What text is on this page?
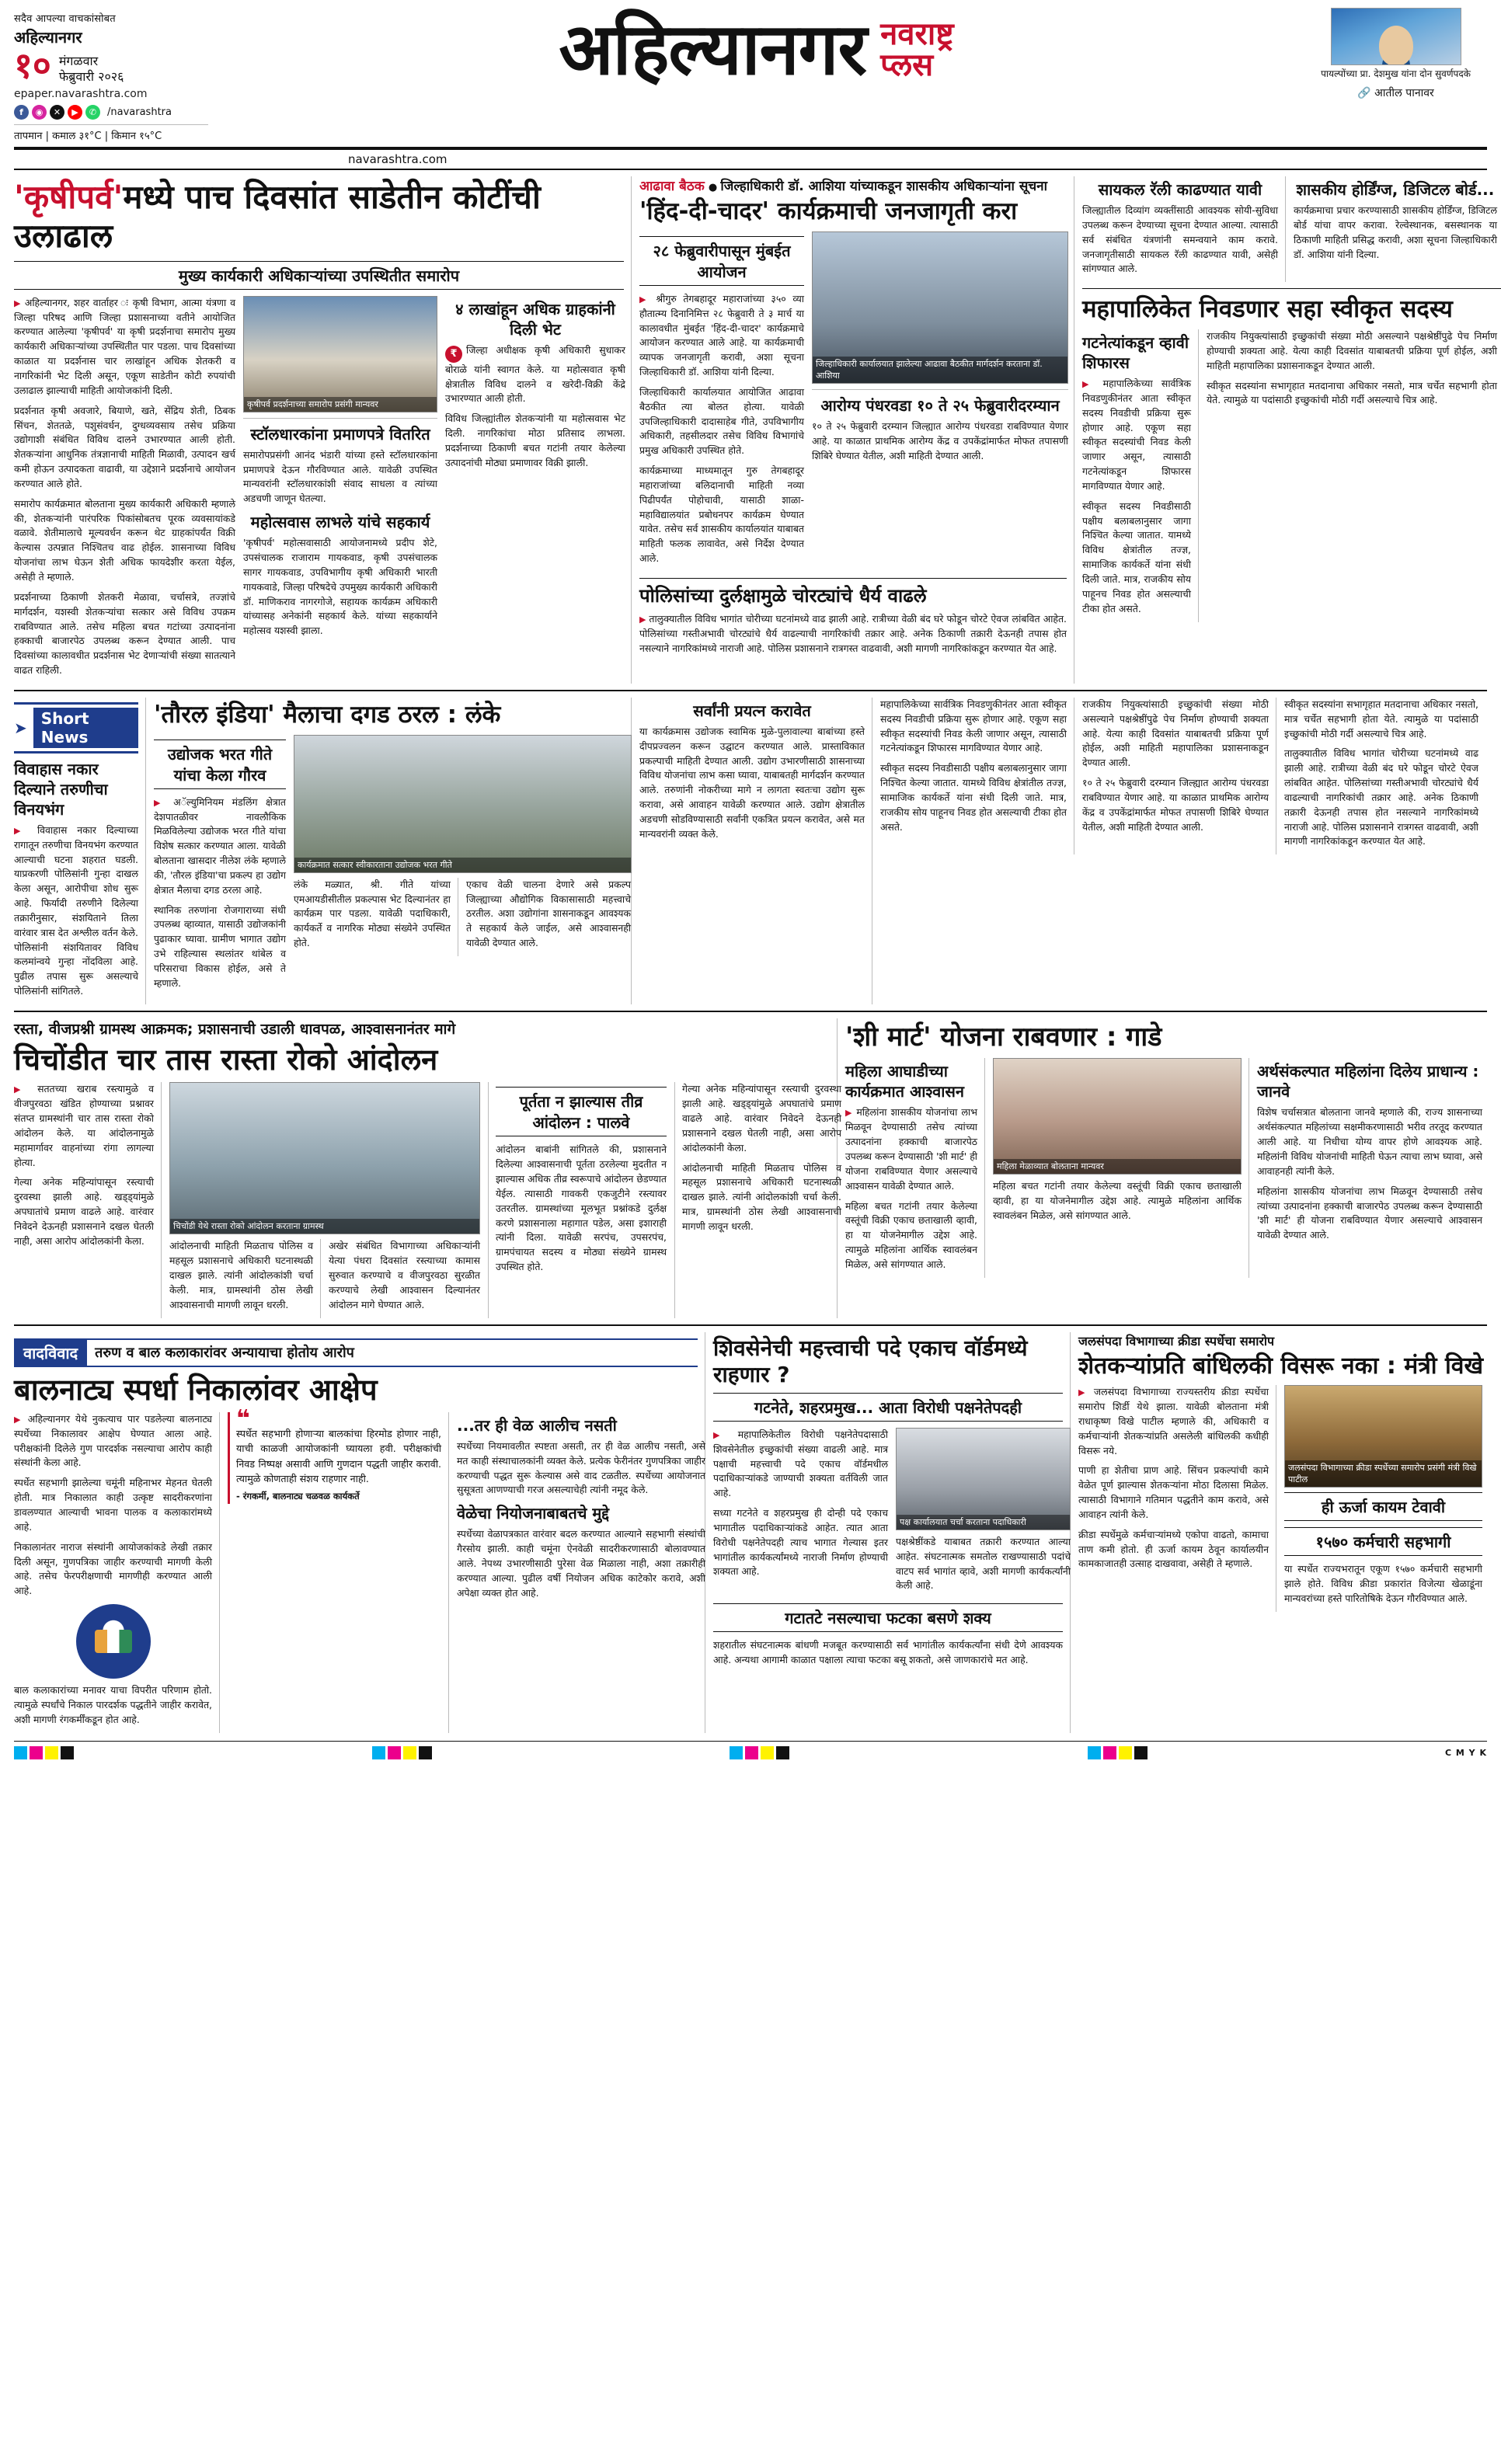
सदैव आपल्या वाचकांसोबत
अहिल्यानगर
१० मंगळवार
फेब्रुवारी २०२६
epaper.navarashtra.com
f	◉	✕	▶	✆	/navarashtra
तापमान | कमाल ३१°C | किमान १५°C
अहिल्यानगर नवराष्ट्र
प्लस	पायल्पोंच्या प्रा. देशमुख यांना दोन सुवर्णपदके
🔗 आतील पानावर
navarashtra.com
'कृषीपर्व'मध्ये पाच दिवसांत साडेतीन कोटींची उलाढाल
मुख्य कार्यकारी अधिकाऱ्यांच्या उपस्थितीत समारोप

▶ अहिल्यानगर, शहर वार्ताहर ः कृषी विभाग, आत्मा यंत्रणा व जिल्हा परिषद आणि जिल्हा प्रशासनाच्या वतीने आयोजित करण्यात आलेल्या 'कृषीपर्व' या कृषी प्रदर्शनाचा समारोप मुख्य कार्यकारी अधिकाऱ्यांच्या उपस्थितीत पार पडला. पाच दिवसांच्या काळात या प्रदर्शनास चार लाखांहून अधिक शेतकरी व नागरिकांनी भेट दिली असून, एकूण साडेतीन कोटी रुपयांची उलाढाल झाल्याची माहिती आयोजकांनी दिली.

प्रदर्शनात कृषी अवजारे, बियाणे, खते, सेंद्रिय शेती, ठिबक सिंचन, शेततळे, पशुसंवर्धन, दुग्धव्यवसाय तसेच प्रक्रिया उद्योगाशी संबंधित विविध दालने उभारण्यात आली होती. शेतकऱ्यांना आधुनिक तंत्रज्ञानाची माहिती मिळावी, उत्पादन खर्च कमी होऊन उत्पादकता वाढावी, या उद्देशाने प्रदर्शनाचे आयोजन करण्यात आले होते.

समारोप कार्यक्रमात बोलताना मुख्य कार्यकारी अधिकारी म्हणाले की, शेतकऱ्यांनी पारंपरिक पिकांसोबतच पूरक व्यवसायांकडे वळावे. शेतीमालाचे मूल्यवर्धन करून थेट ग्राहकांपर्यंत विक्री केल्यास उत्पन्नात निश्चितच वाढ होईल. शासनाच्या विविध योजनांचा लाभ घेऊन शेती अधिक फायदेशीर करता येईल, असेही ते म्हणाले.

प्रदर्शनाच्या ठिकाणी शेतकरी मेळावा, चर्चासत्रे, तज्ज्ञांचे मार्गदर्शन, यशस्वी शेतकऱ्यांचा सत्कार असे विविध उपक्रम राबविण्यात आले. तसेच महिला बचत गटांच्या उत्पादनांना हक्काची बाजारपेठ उपलब्ध करून देण्यात आली. पाच दिवसांच्या कालावधीत प्रदर्शनास भेट देणाऱ्यांची संख्या सातत्याने वाढत राहिली.

कृषीपर्व प्रदर्शनाच्या समारोप प्रसंगी मान्यवर
स्टॉलधारकांना प्रमाणपत्रे वितरित

समारोपप्रसंगी आनंद भंडारी यांच्या हस्ते स्टॉलधारकांना प्रमाणपत्रे देऊन गौरविण्यात आले. यावेळी उपस्थित मान्यवरांनी स्टॉलधारकांशी संवाद साधला व त्यांच्या अडचणी जाणून घेतल्या.

महोत्सवास लाभले यांचे सहकार्य

'कृषीपर्व' महोत्सवासाठी आयोजनामध्ये प्रदीप शेटे, उपसंचालक राजाराम गायकवाड, कृषी उपसंचालक सागर गायकवाड, उपविभागीय कृषी अधिकारी भारती गायकवाडे, जिल्हा परिषदेचे उपमुख्य कार्यकारी अधिकारी डॉ. माणिकराव नागरगोजे, सहायक कार्यक्रम अधिकारी यांच्यासह अनेकांनी सहकार्य केले. यांच्या सहकार्याने महोत्सव यशस्वी झाला.

४ लाखांहून अधिक ग्राहकांनी दिली भेट

₹ जिल्हा अधीक्षक कृषी अधिकारी सुधाकर बोराळे यांनी स्वागत केले. या महोत्सवात कृषी क्षेत्रातील विविध दालने व खरेदी-विक्री केंद्रे उभारण्यात आली होती.

विविध जिल्ह्यांतील शेतकऱ्यांनी या महोत्सवास भेट दिली. नागरिकांचा मोठा प्रतिसाद लाभला. प्रदर्शनाच्या ठिकाणी बचत गटांनी तयार केलेल्या उत्पादनांची मोठ्या प्रमाणावर विक्री झाली.

आढावा बैठक ● जिल्हाधिकारी डॉ. आशिया यांच्याकडून शासकीय अधिकाऱ्यांना सूचना
'हिंद-दी-चादर' कार्यक्रमाची जनजागृती करा
२८ फेब्रुवारीपासून मुंबईत आयोजन

▶ श्रीगुरु तेगबहादूर महाराजांच्या ३५० व्या हौतात्म्य दिनानिमित्त २८ फेब्रुवारी ते ३ मार्च या कालावधीत मुंबईत 'हिंद-दी-चादर' कार्यक्रमाचे आयोजन करण्यात आले आहे. या कार्यक्रमाची व्यापक जनजागृती करावी, अशा सूचना जिल्हाधिकारी डॉ. आशिया यांनी दिल्या.

जिल्हाधिकारी कार्यालयात आयोजित आढावा बैठकीत त्या बोलत होत्या. यावेळी उपजिल्हाधिकारी दादासाहेब गीते, उपविभागीय अधिकारी, तहसीलदार तसेच विविध विभागांचे प्रमुख अधिकारी उपस्थित होते.

कार्यक्रमाच्या माध्यमातून गुरु तेगबहादूर महाराजांच्या बलिदानाची माहिती नव्या पिढीपर्यंत पोहोचावी, यासाठी शाळा-महाविद्यालयांत प्रबोधनपर कार्यक्रम घेण्यात यावेत. तसेच सर्व शासकीय कार्यालयांत याबाबत माहिती फलक लावावेत, असे निर्देश देण्यात आले.

जिल्हाधिकारी कार्यालयात झालेल्या आढावा बैठकीत मार्गदर्शन करताना डॉ. आशिया
आरोग्य पंधरवडा १० ते २५ फेब्रुवारीदरम्यान

१० ते २५ फेब्रुवारी दरम्यान जिल्ह्यात आरोग्य पंधरवडा राबविण्यात येणार आहे. या काळात प्राथमिक आरोग्य केंद्र व उपकेंद्रांमार्फत मोफत तपासणी शिबिरे घेण्यात येतील, अशी माहिती देण्यात आली.

पोलिसांच्या दुर्लक्षामुळे चोरट्यांचे धैर्य वाढले

▶ तालुक्यातील विविध भागांत चोरीच्या घटनांमध्ये वाढ झाली आहे. रात्रीच्या वेळी बंद घरे फोडून चोरटे ऐवज लांबवित आहेत. पोलिसांच्या गस्तीअभावी चोरट्यांचे धैर्य वाढल्याची नागरिकांची तक्रार आहे. अनेक ठिकाणी तक्रारी देऊनही तपास होत नसल्याने नागरिकांमध्ये नाराजी आहे. पोलिस प्रशासनाने रात्रगस्त वाढवावी, अशी मागणी नागरिकांकडून करण्यात येत आहे.

सायकल रॅली काढण्यात यावी

जिल्ह्यातील दिव्यांग व्यक्तींसाठी आवश्यक सोयी-सुविधा उपलब्ध करून देण्याच्या सूचना देण्यात आल्या. त्यासाठी सर्व संबंधित यंत्रणांनी समन्वयाने काम करावे. जनजागृतीसाठी सायकल रॅली काढण्यात यावी, असेही सांगण्यात आले.

शासकीय होर्डिंग्ज, डिजिटल बोर्ड...

कार्यक्रमाचा प्रचार करण्यासाठी शासकीय होर्डिंग्ज, डिजिटल बोर्ड यांचा वापर करावा. रेल्वेस्थानक, बसस्थानक या ठिकाणी माहिती प्रसिद्ध करावी, अशा सूचना जिल्हाधिकारी डॉ. आशिया यांनी दिल्या.

महापालिकेत निवडणार सहा स्वीकृत सदस्य
गटनेत्यांकडून व्हावी शिफारस

▶ महापालिकेच्या सार्वत्रिक निवडणुकीनंतर आता स्वीकृत सदस्य निवडीची प्रक्रिया सुरू होणार आहे. एकूण सहा स्वीकृत सदस्यांची निवड केली जाणार असून, त्यासाठी गटनेत्यांकडून शिफारस मागविण्यात येणार आहे.

स्वीकृत सदस्य निवडीसाठी पक्षीय बलाबलानुसार जागा निश्चित केल्या जातात. यामध्ये विविध क्षेत्रांतील तज्ज्ञ, सामाजिक कार्यकर्ते यांना संधी दिली जाते. मात्र, राजकीय सोय पाहूनच निवड होत असल्याची टीका होत असते.

राजकीय नियुक्त्यांसाठी इच्छुकांची संख्या मोठी असल्याने पक्षश्रेष्ठींपुढे पेच निर्माण होण्याची शक्यता आहे. येत्या काही दिवसांत याबाबतची प्रक्रिया पूर्ण होईल, अशी माहिती महापालिका प्रशासनाकडून देण्यात आली.

स्वीकृत सदस्यांना सभागृहात मतदानाचा अधिकार नसतो, मात्र चर्चेत सहभागी होता येते. त्यामुळे या पदांसाठी इच्छुकांची मोठी गर्दी असल्याचे चित्र आहे.

➤ Short News
विवाहास नकार दिल्याने तरुणीचा विनयभंग

▶ विवाहास नकार दिल्याच्या रागातून तरुणीचा विनयभंग करण्यात आल्याची घटना शहरात घडली. याप्रकरणी पोलिसांनी गुन्हा दाखल केला असून, आरोपीचा शोध सुरू आहे. फिर्यादी तरुणीने दिलेल्या तक्रारीनुसार, संशयिताने तिला वारंवार त्रास देत अश्लील वर्तन केले. पोलिसांनी संशयितावर विविध कलमांन्वये गुन्हा नोंदविला आहे. पुढील तपास सुरू असल्याचे पोलिसांनी सांगितले.

'तौरल इंडिया' मैलाचा दगड ठरल : लंके
उद्योजक भरत गीते यांचा केला गौरव

▶ अॅल्युमिनियम मंडलिंग क्षेत्रात देशपातळीवर नावलौकिक मिळविलेल्या उद्योजक भरत गीते यांचा विशेष सत्कार करण्यात आला. यावेळी बोलताना खासदार नीलेश लंके म्हणाले की, 'तौरल इंडिया'चा प्रकल्प हा उद्योग क्षेत्रात मैलाचा दगड ठरला आहे.

स्थानिक तरुणांना रोजगाराच्या संधी उपलब्ध व्हाव्यात, यासाठी उद्योजकांनी पुढाकार घ्यावा. ग्रामीण भागात उद्योग उभे राहिल्यास स्थलांतर थांबेल व परिसराचा विकास होईल, असे ते म्हणाले.

कार्यक्रमात सत्कार स्वीकारताना उद्योजक भरत गीते

लंके मळ्यात, श्री. गीते यांच्या एमआयडीसीतील प्रकल्पास भेट दिल्यानंतर हा कार्यक्रम पार पडला. यावेळी पदाधिकारी, कार्यकर्ते व नागरिक मोठ्या संख्येने उपस्थित होते.

एकाच वेळी चालना देणारे असे प्रकल्प जिल्ह्याच्या औद्योगिक विकासासाठी महत्त्वाचे ठरतील. अशा उद्योगांना शासनाकडून आवश्यक ते सहकार्य केले जाईल, असे आश्वासनही यावेळी देण्यात आले.

सर्वांनी प्रयत्न करावेत

या कार्यक्रमास उद्योजक स्वामिक मुळे-पुलावाल्या बाबांच्या हस्ते दीपप्रज्वलन करून उद्घाटन करण्यात आले. प्रास्ताविकात प्रकल्पाची माहिती देण्यात आली. उद्योग उभारणीसाठी शासनाच्या विविध योजनांचा लाभ कसा घ्यावा, याबाबतही मार्गदर्शन करण्यात आले. तरुणांनी नोकरीच्या मागे न लागता स्वतःचा उद्योग सुरू करावा, असे आवाहन यावेळी करण्यात आले. उद्योग क्षेत्रातील अडचणी सोडविण्यासाठी सर्वांनी एकत्रित प्रयत्न करावेत, असे मत मान्यवरांनी व्यक्त केले.

महापालिकेच्या सार्वत्रिक निवडणुकीनंतर आता स्वीकृत सदस्य निवडीची प्रक्रिया सुरू होणार आहे. एकूण सहा स्वीकृत सदस्यांची निवड केली जाणार असून, त्यासाठी गटनेत्यांकडून शिफारस मागविण्यात येणार आहे.

स्वीकृत सदस्य निवडीसाठी पक्षीय बलाबलानुसार जागा निश्चित केल्या जातात. यामध्ये विविध क्षेत्रांतील तज्ज्ञ, सामाजिक कार्यकर्ते यांना संधी दिली जाते. मात्र, राजकीय सोय पाहूनच निवड होत असल्याची टीका होत असते.

राजकीय नियुक्त्यांसाठी इच्छुकांची संख्या मोठी असल्याने पक्षश्रेष्ठींपुढे पेच निर्माण होण्याची शक्यता आहे. येत्या काही दिवसांत याबाबतची प्रक्रिया पूर्ण होईल, अशी माहिती महापालिका प्रशासनाकडून देण्यात आली.

१० ते २५ फेब्रुवारी दरम्यान जिल्ह्यात आरोग्य पंधरवडा राबविण्यात येणार आहे. या काळात प्राथमिक आरोग्य केंद्र व उपकेंद्रांमार्फत मोफत तपासणी शिबिरे घेण्यात येतील, अशी माहिती देण्यात आली.

स्वीकृत सदस्यांना सभागृहात मतदानाचा अधिकार नसतो, मात्र चर्चेत सहभागी होता येते. त्यामुळे या पदांसाठी इच्छुकांची मोठी गर्दी असल्याचे चित्र आहे.

तालुक्यातील विविध भागांत चोरीच्या घटनांमध्ये वाढ झाली आहे. रात्रीच्या वेळी बंद घरे फोडून चोरटे ऐवज लांबवित आहेत. पोलिसांच्या गस्तीअभावी चोरट्यांचे धैर्य वाढल्याची नागरिकांची तक्रार आहे. अनेक ठिकाणी तक्रारी देऊनही तपास होत नसल्याने नागरिकांमध्ये नाराजी आहे. पोलिस प्रशासनाने रात्रगस्त वाढवावी, अशी मागणी नागरिकांकडून करण्यात येत आहे.

रस्ता, वीजप्रश्नी ग्रामस्थ आक्रमक; प्रशासनाची उडाली धावपळ, आश्वासनानंतर मागे
चिचोंडीत चार तास रास्ता रोको आंदोलन

▶ सततच्या खराब रस्त्यामुळे व वीजपुरवठा खंडित होण्याच्या प्रश्नावर संतप्त ग्रामस्थांनी चार तास रास्ता रोको आंदोलन केले. या आंदोलनामुळे महामार्गावर वाहनांच्या रांगा लागल्या होत्या.

गेल्या अनेक महिन्यांपासून रस्त्याची दुरवस्था झाली आहे. खड्ड्यांमुळे अपघातांचे प्रमाण वाढले आहे. वारंवार निवेदने देऊनही प्रशासनाने दखल घेतली नाही, असा आरोप आंदोलकांनी केला.

चिचोंडी येथे रास्ता रोको आंदोलन करताना ग्रामस्थ

आंदोलनाची माहिती मिळताच पोलिस व महसूल प्रशासनाचे अधिकारी घटनास्थळी दाखल झाले. त्यांनी आंदोलकांशी चर्चा केली. मात्र, ग्रामस्थांनी ठोस लेखी आश्वासनाची मागणी लावून धरली.

अखेर संबंधित विभागाच्या अधिकाऱ्यांनी येत्या पंधरा दिवसांत रस्त्याच्या कामास सुरुवात करण्याचे व वीजपुरवठा सुरळीत करण्याचे लेखी आश्वासन दिल्यानंतर आंदोलन मागे घेण्यात आले.

पूर्तता न झाल्यास तीव्र आंदोलन : पालवे

आंदोलन बाबांनी सांगितले की, प्रशासनाने दिलेल्या आश्वासनाची पूर्तता ठरलेल्या मुदतीत न झाल्यास अधिक तीव्र स्वरूपाचे आंदोलन छेडण्यात येईल. त्यासाठी गावकरी एकजुटीने रस्त्यावर उतरतील. ग्रामस्थांच्या मूलभूत प्रश्नांकडे दुर्लक्ष करणे प्रशासनाला महागात पडेल, असा इशाराही त्यांनी दिला. यावेळी सरपंच, उपसरपंच, ग्रामपंचायत सदस्य व मोठ्या संख्येने ग्रामस्थ उपस्थित होते.

गेल्या अनेक महिन्यांपासून रस्त्याची दुरवस्था झाली आहे. खड्ड्यांमुळे अपघातांचे प्रमाण वाढले आहे. वारंवार निवेदने देऊनही प्रशासनाने दखल घेतली नाही, असा आरोप आंदोलकांनी केला.

आंदोलनाची माहिती मिळताच पोलिस व महसूल प्रशासनाचे अधिकारी घटनास्थळी दाखल झाले. त्यांनी आंदोलकांशी चर्चा केली. मात्र, ग्रामस्थांनी ठोस लेखी आश्वासनाची मागणी लावून धरली.

'शी मार्ट' योजना राबवणार : गाडे
महिला आघाडीच्या कार्यक्रमात आश्वासन

▶ महिलांना शासकीय योजनांचा लाभ मिळवून देण्यासाठी तसेच त्यांच्या उत्पादनांना हक्काची बाजारपेठ उपलब्ध करून देण्यासाठी 'शी मार्ट' ही योजना राबविण्यात येणार असल्याचे आश्वासन यावेळी देण्यात आले.

महिला बचत गटांनी तयार केलेल्या वस्तूंची विक्री एकाच छताखाली व्हावी, हा या योजनेमागील उद्देश आहे. त्यामुळे महिलांना आर्थिक स्वावलंबन मिळेल, असे सांगण्यात आले.

महिला मेळाव्यात बोलताना मान्यवर

महिला बचत गटांनी तयार केलेल्या वस्तूंची विक्री एकाच छताखाली व्हावी, हा या योजनेमागील उद्देश आहे. त्यामुळे महिलांना आर्थिक स्वावलंबन मिळेल, असे सांगण्यात आले.

अर्थसंकल्पात महिलांना दिलेय प्राधान्य : जानवे

विशेष चर्चासत्रात बोलताना जानवे म्हणाले की, राज्य शासनाच्या अर्थसंकल्पात महिलांच्या सक्षमीकरणासाठी भरीव तरतूद करण्यात आली आहे. या निधीचा योग्य वापर होणे आवश्यक आहे. महिलांनी विविध योजनांची माहिती घेऊन त्याचा लाभ घ्यावा, असे आवाहनही त्यांनी केले.

महिलांना शासकीय योजनांचा लाभ मिळवून देण्यासाठी तसेच त्यांच्या उत्पादनांना हक्काची बाजारपेठ उपलब्ध करून देण्यासाठी 'शी मार्ट' ही योजना राबविण्यात येणार असल्याचे आश्वासन यावेळी देण्यात आले.

वादविवाद	तरुण व बाल कलाकारांवर अन्यायाचा होतोय आरोप
बालनाट्य स्पर्धा निकालांवर आक्षेप

▶ अहिल्यानगर येथे नुकत्याच पार पडलेल्या बालनाट्य स्पर्धेच्या निकालावर आक्षेप घेण्यात आला आहे. परीक्षकांनी दिलेले गुण पारदर्शक नसल्याचा आरोप काही संस्थांनी केला आहे.

स्पर्धेत सहभागी झालेल्या चमूंनी महिनाभर मेहनत घेतली होती. मात्र निकालात काही उत्कृष्ट सादरीकरणांना डावलण्यात आल्याची भावना पालक व कलाकारांमध्ये आहे.

निकालानंतर नाराज संस्थांनी आयोजकांकडे लेखी तक्रार दिली असून, गुणपत्रिका जाहीर करण्याची मागणी केली आहे. तसेच फेरपरीक्षणाची मागणीही करण्यात आली आहे.

बाल कलाकारांच्या मनावर याचा विपरीत परिणाम होतो. त्यामुळे स्पर्धांचे निकाल पारदर्शक पद्धतीने जाहीर करावेत, अशी मागणी रंगकर्मींकडून होत आहे.

❝
स्पर्धेत सहभागी होणाऱ्या बालकांचा हिरमोड होणार नाही, याची काळजी आयोजकांनी घ्यायला हवी. परीक्षकांची निवड निष्पक्ष असावी आणि गुणदान पद्धती जाहीर करावी. त्यामुळे कोणताही संशय राहणार नाही.
- रंगकर्मी, बालनाट्य चळवळ कार्यकर्ते
...तर ही वेळ आलीच नसती

स्पर्धेच्या नियमावलीत स्पष्टता असती, तर ही वेळ आलीच नसती, असे मत काही संस्थाचालकांनी व्यक्त केले. प्रत्येक फेरीनंतर गुणपत्रिका जाहीर करण्याची पद्धत सुरू केल्यास असे वाद टळतील. स्पर्धेच्या आयोजनात सुसूत्रता आणण्याची गरज असल्याचेही त्यांनी नमूद केले.

वेळेचा नियोजनाबाबतचे मुद्दे

स्पर्धेच्या वेळापत्रकात वारंवार बदल करण्यात आल्याने सहभागी संस्थांची गैरसोय झाली. काही चमूंना ऐनवेळी सादरीकरणासाठी बोलावण्यात आले. नेपथ्य उभारणीसाठी पुरेसा वेळ मिळाला नाही, अशा तक्रारीही करण्यात आल्या. पुढील वर्षी नियोजन अधिक काटेकोर करावे, अशी अपेक्षा व्यक्त होत आहे.

शिवसेनेची महत्त्वाची पदे एकाच वॉर्डमध्ये राहणार ?
गटनेते, शहरप्रमुख... आता विरोधी पक्षनेतेपदही

▶ महापालिकेतील विरोधी पक्षनेतेपदासाठी शिवसेनेतील इच्छुकांची संख्या वाढली आहे. मात्र पक्षाची महत्त्वाची पदे एकाच वॉर्डमधील पदाधिकाऱ्यांकडे जाण्याची शक्यता वर्तविली जात आहे.

सध्या गटनेते व शहरप्रमुख ही दोन्ही पदे एकाच भागातील पदाधिकाऱ्यांकडे आहेत. त्यात आता विरोधी पक्षनेतेपदही त्याच भागात गेल्यास इतर भागांतील कार्यकर्त्यांमध्ये नाराजी निर्माण होण्याची शक्यता आहे.

पक्ष कार्यालयात चर्चा करताना पदाधिकारी

पक्षश्रेष्ठींकडे याबाबत तक्रारी करण्यात आल्या आहेत. संघटनात्मक समतोल राखण्यासाठी पदांचे वाटप सर्व भागांत व्हावे, अशी मागणी कार्यकर्त्यांनी केली आहे.

गटातटे नसल्याचा फटका बसणे शक्य

शहरातील संघटनात्मक बांधणी मजबूत करण्यासाठी सर्व भागांतील कार्यकर्त्यांना संधी देणे आवश्यक आहे. अन्यथा आगामी काळात पक्षाला त्याचा फटका बसू शकतो, असे जाणकारांचे मत आहे.

जलसंपदा विभागाच्या क्रीडा स्पर्धेचा समारोप
शेतकऱ्यांप्रति बांधिलकी विसरू नका : मंत्री विखे

▶ जलसंपदा विभागाच्या राज्यस्तरीय क्रीडा स्पर्धेचा समारोप शिर्डी येथे झाला. यावेळी बोलताना मंत्री राधाकृष्ण विखे पाटील म्हणाले की, अधिकारी व कर्मचाऱ्यांनी शेतकऱ्यांप्रति असलेली बांधिलकी कधीही विसरू नये.

पाणी हा शेतीचा प्राण आहे. सिंचन प्रकल्पांची कामे वेळेत पूर्ण झाल्यास शेतकऱ्यांना मोठा दिलासा मिळेल. त्यासाठी विभागाने गतिमान पद्धतीने काम करावे, असे आवाहन त्यांनी केले.

क्रीडा स्पर्धेमुळे कर्मचाऱ्यांमध्ये एकोपा वाढतो, कामाचा ताण कमी होतो. ही ऊर्जा कायम ठेवून कार्यालयीन कामकाजातही उत्साह दाखवावा, असेही ते म्हणाले.

जलसंपदा विभागाच्या क्रीडा स्पर्धेच्या समारोप प्रसंगी मंत्री विखे पाटील
ही ऊर्जा कायम टेवावी
१५७० कर्मचारी सहभागी

या स्पर्धेत राज्यभरातून एकूण १५७० कर्मचारी सहभागी झाले होते. विविध क्रीडा प्रकारांत विजेत्या खेळाडूंना मान्यवरांच्या हस्ते पारितोषिके देऊन गौरविण्यात आले.

C M Y K
